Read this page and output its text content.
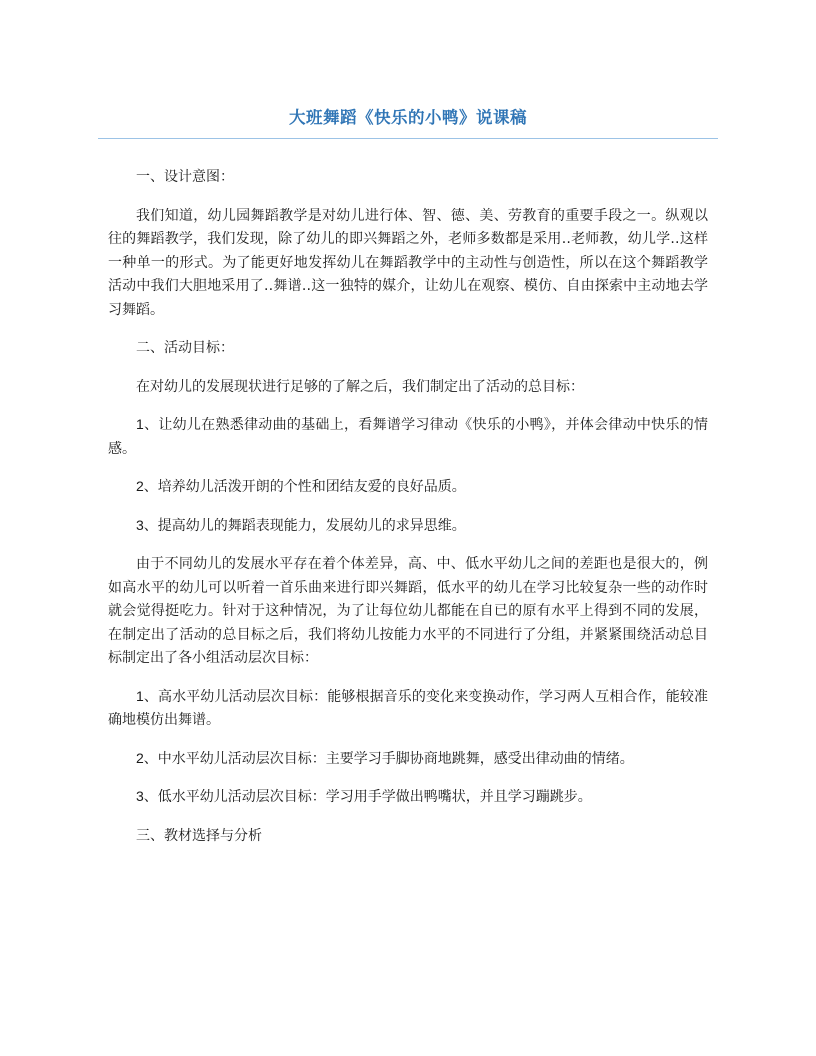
大班舞蹈《快乐的小鸭》说课稿

一、设计意图：

我们知道，幼儿园舞蹈教学是对幼儿进行体、智、德、美、劳教育的重要手段之一。纵观以往的舞蹈教学，我们发现，除了幼儿的即兴舞蹈之外，老师多数都是采用‥老师教，幼儿学‥这样一种单一的形式。为了能更好地发挥幼儿在舞蹈教学中的主动性与创造性，所以在这个舞蹈教学活动中我们大胆地采用了‥舞谱‥这一独特的媒介，让幼儿在观察、模仿、自由探索中主动地去学习舞蹈。

二、活动目标：

在对幼儿的发展现状进行足够的了解之后，我们制定出了活动的总目标：

1、让幼儿在熟悉律动曲的基础上，看舞谱学习律动《快乐的小鸭》，并体会律动中快乐的情感。

2、培养幼儿活泼开朗的个性和团结友爱的良好品质。

3、提高幼儿的舞蹈表现能力，发展幼儿的求异思维。

由于不同幼儿的发展水平存在着个体差异，高、中、低水平幼儿之间的差距也是很大的，例如高水平的幼儿可以听着一首乐曲来进行即兴舞蹈，低水平的幼儿在学习比较复杂一些的动作时就会觉得挺吃力。针对于这种情况，为了让每位幼儿都能在自已的原有水平上得到不同的发展，在制定出了活动的总目标之后，我们将幼儿按能力水平的不同进行了分组，并紧紧围绕活动总目标制定出了各小组活动层次目标：

1、高水平幼儿活动层次目标：能够根据音乐的变化来变换动作，学习两人互相合作，能较准确地模仿出舞谱。

2、中水平幼儿活动层次目标：主要学习手脚协商地跳舞，感受出律动曲的情绪。

3、低水平幼儿活动层次目标：学习用手学做出鸭嘴状，并且学习蹦跳步。

三、教材选择与分析
